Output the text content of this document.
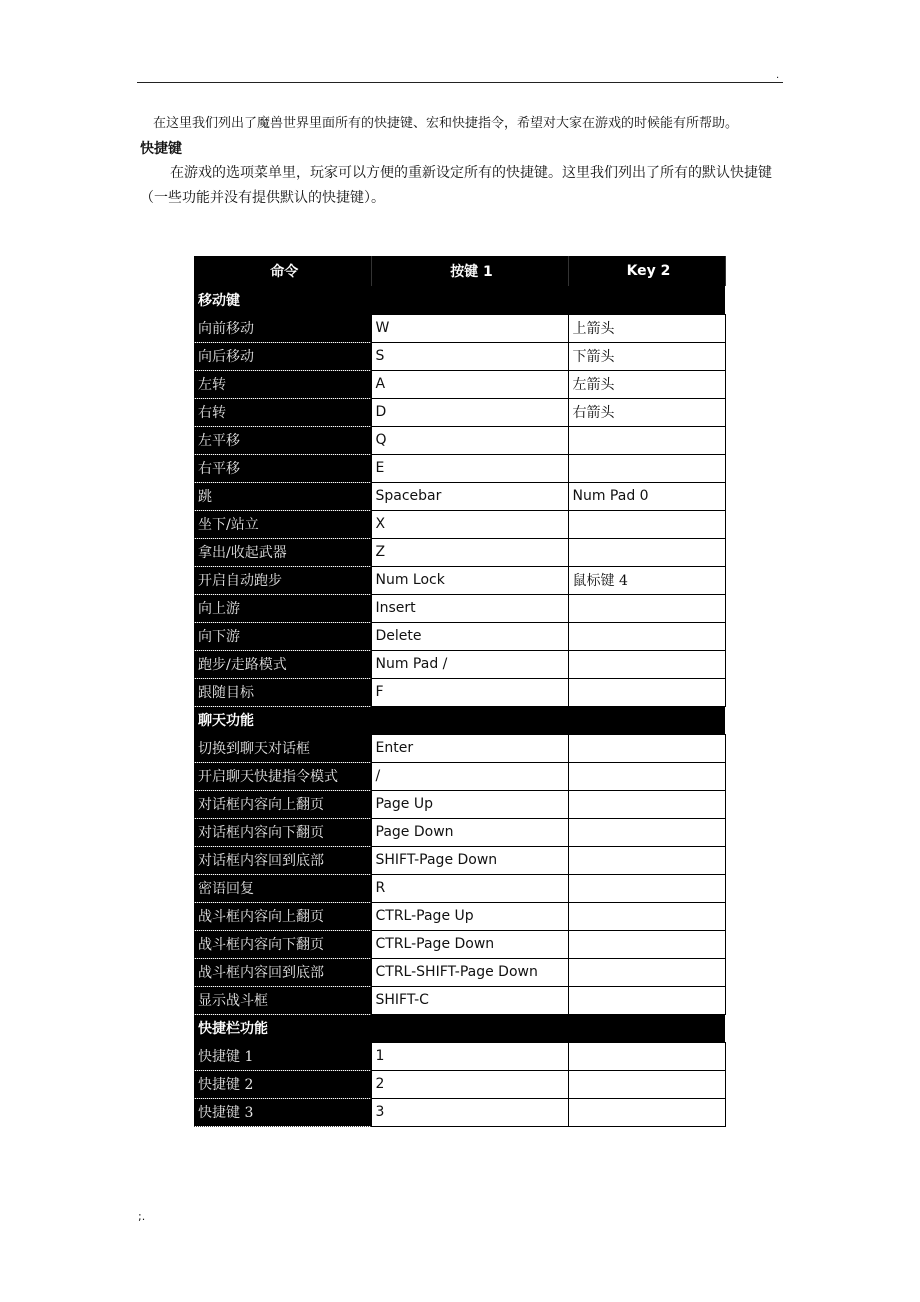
.
在这里我们列出了魔兽世界里面所有的快捷键、宏和快捷指令，希望对大家在游戏的时候能有所帮助。
快捷键
在游戏的选项菜单里，玩家可以方便的重新设定所有的快捷键。这里我们列出了所有的默认快捷键（一些功能并没有提供默认的快捷键）。
命令	按键 1	Key 2
移动键		
向前移动	W	上箭头
向后移动	S	下箭头
左转	A	左箭头
右转	D	右箭头
左平移	Q	
右平移	E	
跳	Spacebar	Num Pad 0
坐下/站立	X	
拿出/收起武器	Z	
开启自动跑步	Num Lock	鼠标键 4
向上游	Insert	
向下游	Delete	
跑步/走路模式	Num Pad /	
跟随目标	F	
聊天功能		
切换到聊天对话框	Enter	
开启聊天快捷指令模式	/	
对话框内容向上翻页	Page Up	
对话框内容向下翻页	Page Down	
对话框内容回到底部	SHIFT-Page Down	
密语回复	R	
战斗框内容向上翻页	CTRL-Page Up	
战斗框内容向下翻页	CTRL-Page Down	
战斗框内容回到底部	CTRL-SHIFT-Page Down	
显示战斗框	SHIFT-C	
快捷栏功能		
快捷键 1	1	
快捷键 2	2	
快捷键 3	3	
;.
